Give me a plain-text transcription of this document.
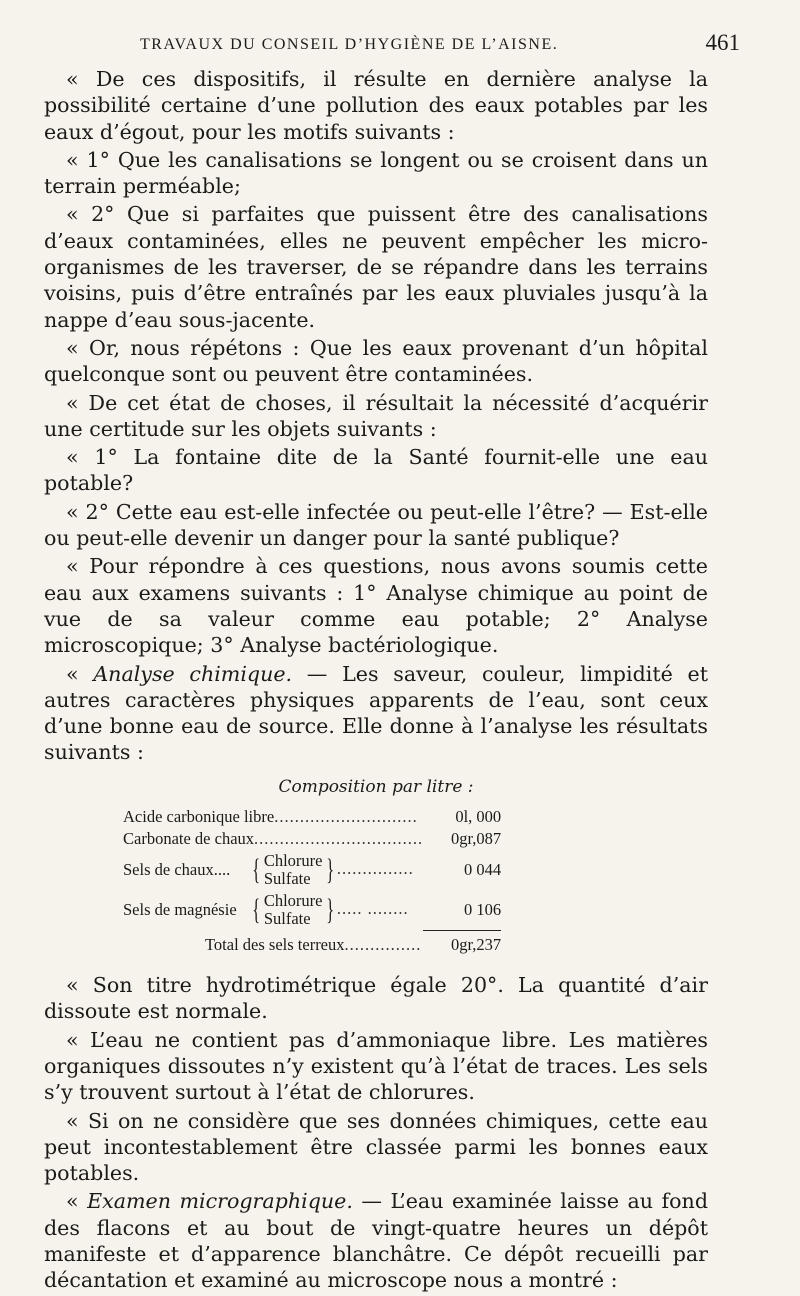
TRAVAUX DU CONSEIL D’HYGIÈNE DE L’AISNE.	461

« De ces dispositifs, il résulte en dernière analyse la possibilité certaine d’une pollution des eaux potables par les eaux d’égout, pour les motifs suivants :

« 1° Que les canalisations se longent ou se croisent dans un terrain perméable;

« 2° Que si parfaites que puissent être des canalisations d’eaux contaminées, elles ne peuvent empêcher les micro-organismes de les traverser, de se répandre dans les terrains voisins, puis d’être entraînés par les eaux pluviales jusqu’à la nappe d’eau sous-jacente.

« Or, nous répétons : Que les eaux provenant d’un hôpital quelconque sont ou peuvent être contaminées.

« De cet état de choses, il résultait la nécessité d’acquérir une certitude sur les objets suivants :

« 1° La fontaine dite de la Santé fournit-elle une eau potable?

« 2° Cette eau est-elle infectée ou peut-elle l’être? — Est-elle ou peut-elle devenir un danger pour la santé publique?

« Pour répondre à ces questions, nous avons soumis cette eau aux examens suivants : 1° Analyse chimique au point de vue de sa valeur comme eau potable; 2° Analyse microscopique; 3° Analyse bactériologique.

« Analyse chimique. — Les saveur, couleur, limpidité et autres caractères physiques apparents de l’eau, sont ceux d’une bonne eau de source. Elle donne à l’analyse les résultats suivants :

Composition par litre :
Acide carbonique libre............................		0l, 000
Carbonate de chaux.................................		0gr,087
Sels de chaux....	{ Chlorure
Sulfate } ...............	0 044
Sels de magnésie	{ Chlorure
Sulfate } ..... ........	0 106

Total des sels terreux...............		0gr,237

« Son titre hydrotimétrique égale 20°. La quantité d’air dissoute est normale.

« L’eau ne contient pas d’ammoniaque libre. Les matières organiques dissoutes n’y existent qu’à l’état de traces. Les sels s’y trouvent surtout à l’état de chlorures.

« Si on ne considère que ses données chimiques, cette eau peut incontestablement être classée parmi les bonnes eaux potables.

« Examen micrographique. — L’eau examinée laisse au fond des flacons et au bout de vingt-quatre heures un dépôt manifeste et d’apparence blanchâtre. Ce dépôt recueilli par décantation et examiné au microscope nous a montré :
